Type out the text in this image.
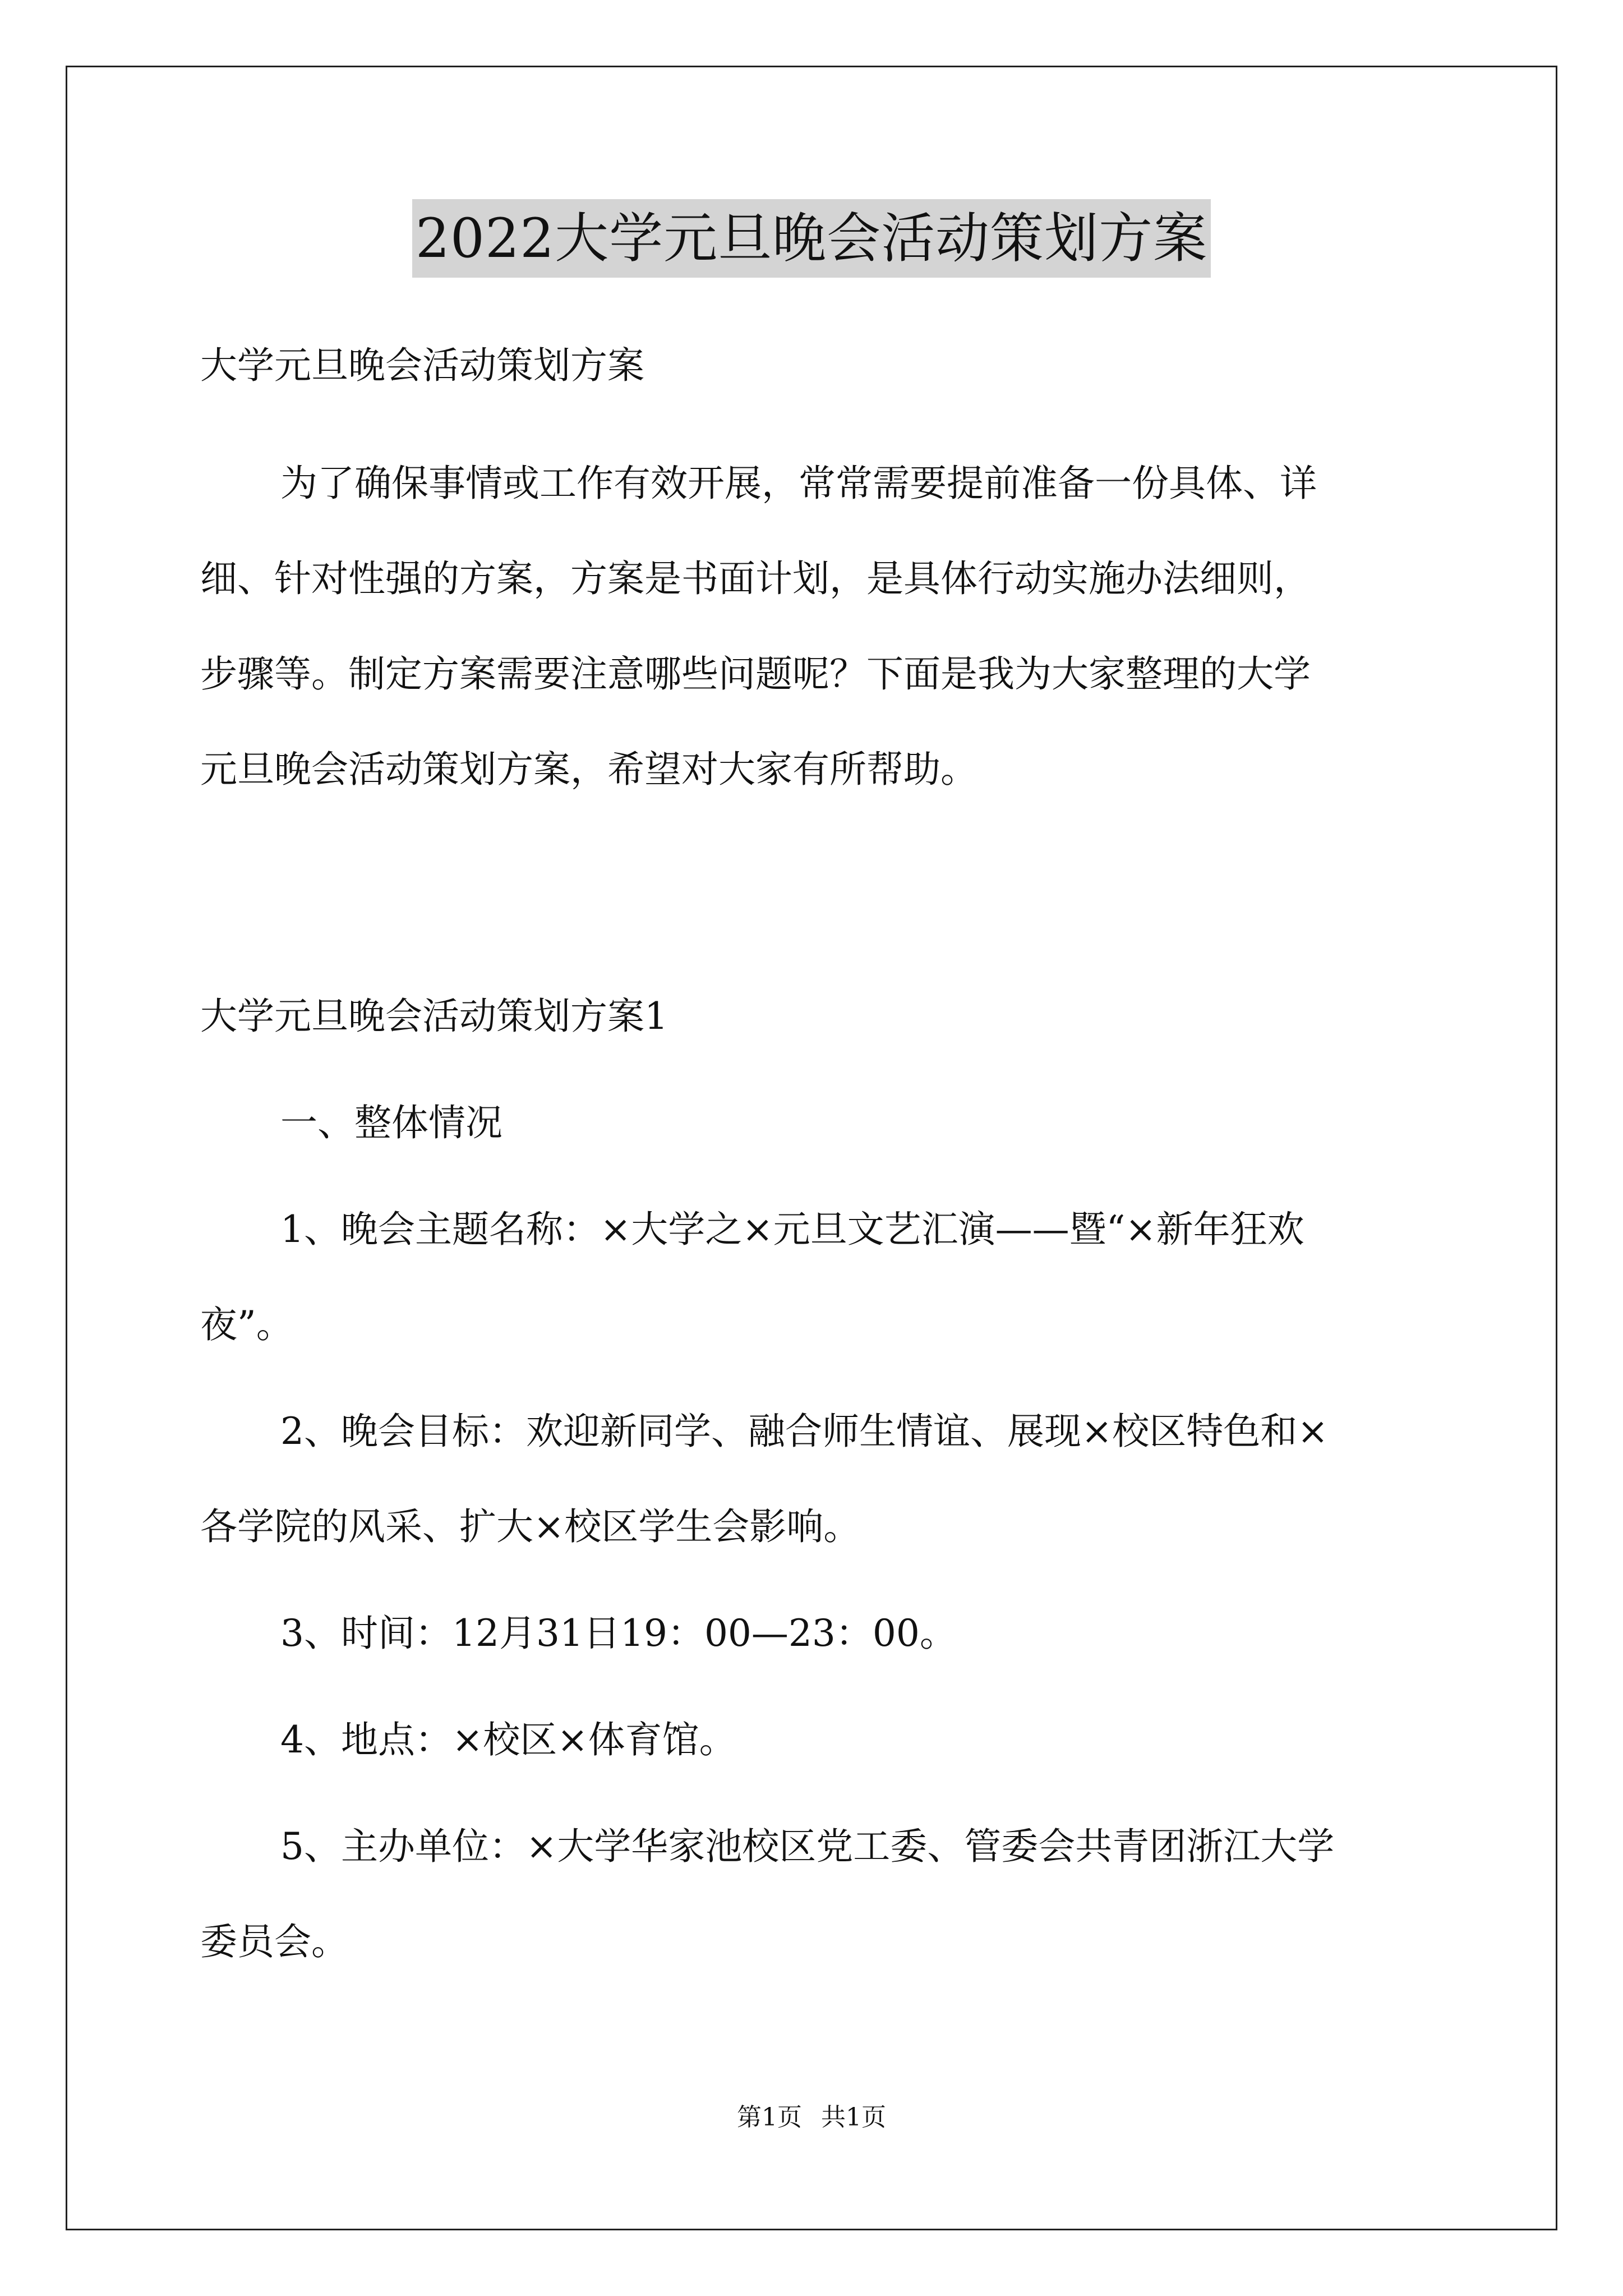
2022大学元旦晚会活动策划方案
大学元旦晚会活动策划方案
为了确保事情或工作有效开展，常常需要提前准备一份具体、详
细、针对性强的方案，方案是书面计划，是具体行动实施办法细则，
步骤等。制定方案需要注意哪些问题呢？下面是我为大家整理的大学
元旦晚会活动策划方案，希望对大家有所帮助。
大学元旦晚会活动策划方案1
一、整体情况
1、晚会主题名称：×大学之×元旦文艺汇演——暨“×新年狂欢
夜”。
2、晚会目标：欢迎新同学、融合师生情谊、展现×校区特色和×
各学院的风采、扩大×校区学生会影响。
3、时间：12月31日19：00—23：00。
4、地点：×校区×体育馆。
5、主办单位：×大学华家池校区党工委、管委会共青团浙江大学
委员会。
第1页 共1页
